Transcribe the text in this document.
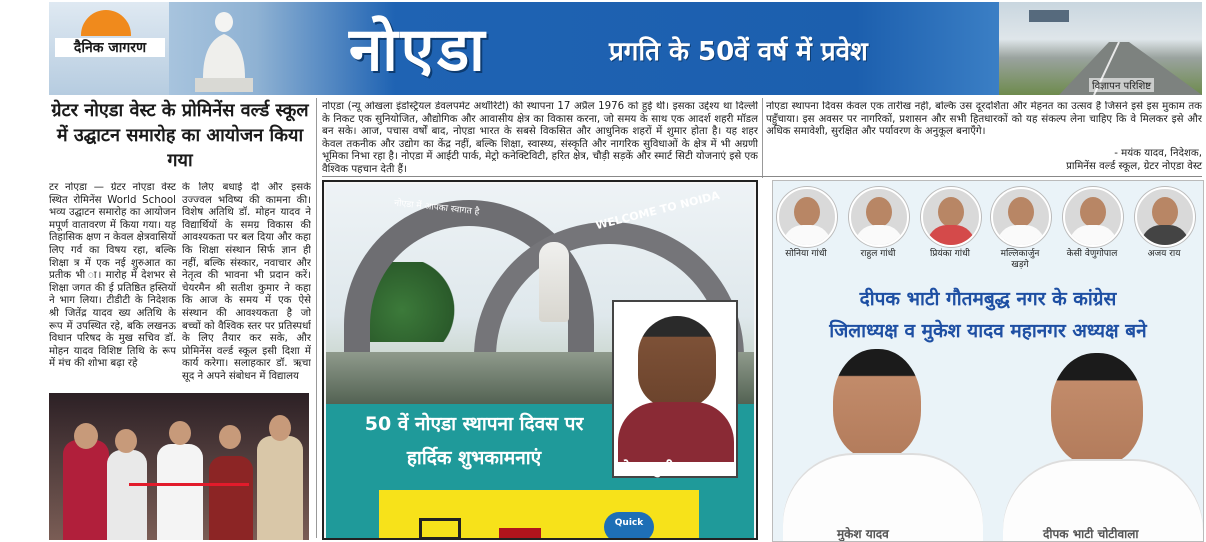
दैनिक जागरण	नोएडा	प्रगति के 50वें वर्ष में प्रवेश
विज्ञापन परिशिष्ट
ग्रेटर नोएडा वेस्ट के प्रोमिनेंस वर्ल्ड स्कूल में उद्घाटन समारोह का आयोजन किया गया
टर नोएडा — ग्रेटर नोएडा वेस्ट स्थित रोमिनेंस World School भव्य उद्घाटन समारोह का आयोजन मपूर्ण वातावरण में किया गया। यह तिहासिक क्षण न केवल क्षेत्रवासियों लिए गर्व का विषय रहा, बल्कि शिक्षा त्र में एक नई शुरुआत का प्रतीक भी ा। मारोह में देशभर से शिक्षा जगत की ई प्रतिष्ठित हस्तियों ने भाग लिया। टीडीटी के निदेशक श्री जितेंद्र यादव ख्य अतिथि के रूप में उपस्थित रहे, बकि लखनऊ विधान परिषद के मुख सचिव डॉ. मोहन यादव विशिष्ट तिथि के रूप में मंच की शोभा बढ़ा रहे
के लिए बधाई दी और इसके उज्ज्वल भविष्य की कामना की। विशेष अतिथि डॉ. मोहन यादव ने विद्यार्थियों के समग्र विकास की आवश्यकता पर बल दिया और कहा कि शिक्षा संस्थान सिर्फ ज्ञान ही नहीं, बल्कि संस्कार, नवाचार और नेतृत्व की भावना भी प्रदान करें। चेयरमैन श्री सतीश कुमार ने कहा कि आज के समय में एक ऐसे संस्थान की आवश्यकता है जो बच्चों को वैश्विक स्तर पर प्रतिस्पर्धा के लिए तैयार कर सके, और प्रोमिनेंस वर्ल्ड स्कूल इसी दिशा में कार्य करेगा। सलाहकार डॉ. ऋचा सूद ने अपने संबोधन में विद्यालय
नोएडा (न्यू ओखला इंडस्ट्रियल डेवलपमेंट अथॉरिटी) की स्थापना 17 अप्रैल 1976 को हुई थी। इसका उद्देश्य था दिल्ली के निकट एक सुनियोजित, औद्योगिक और आवासीय क्षेत्र का विकास करना, जो समय के साथ एक आदर्श शहरी मॉडल बन सके। आज, पचास वर्षों बाद, नोएडा भारत के सबसे विकसित और आधुनिक शहरों में शुमार होता है। यह शहर केवल तकनीक और उद्योग का केंद्र नहीं, बल्कि शिक्षा, स्वास्थ्य, संस्कृति और नागरिक सुविधाओं के क्षेत्र में भी अग्रणी भूमिका निभा रहा है। नोएडा में आईटी पार्क, मेट्रो कनेक्टिविटी, हरित क्षेत्र, चौड़ी सड़कें और स्मार्ट सिटी योजनाएं इसे एक वैश्विक पहचान देती हैं।
नोएडा स्थापना दिवस केवल एक तारीख नहीं, बल्कि उस दूरदर्शिता और मेहनत का उत्सव है जिसने इसे इस मुकाम तक पहुँचाया। इस अवसर पर नागरिकों, प्रशासन और सभी हितधारकों को यह संकल्प लेना चाहिए कि वे मिलकर इसे और अधिक समावेशी, सुरक्षित और पर्यावरण के अनुकूल बनाएँगे।
- मयंक यादव, निदेशक,
प्रामिनेंस वर्ल्ड स्कूल, ग्रेटर नोएडा वेस्ट
नोएडा में आपका स्वागत है	WELCOME TO NOIDA
50 वें नोएडा स्थापना दिवस पर
हार्दिक शुभकामनाएं	प्रोप. सुशील यादव
Quick
सोनिया गांधी	राहुल गांधी	प्रियंका गांधी	मल्लिकार्जुन खड़गे
केसी वेणुगोपाल	अजय राय
दीपक भाटी गौतमबुद्ध नगर के कांग्रेस
जिलाध्यक्ष व मुकेश यादव महानगर अध्यक्ष बने
मुकेश यादव	दीपक भाटी चोटीवाला
